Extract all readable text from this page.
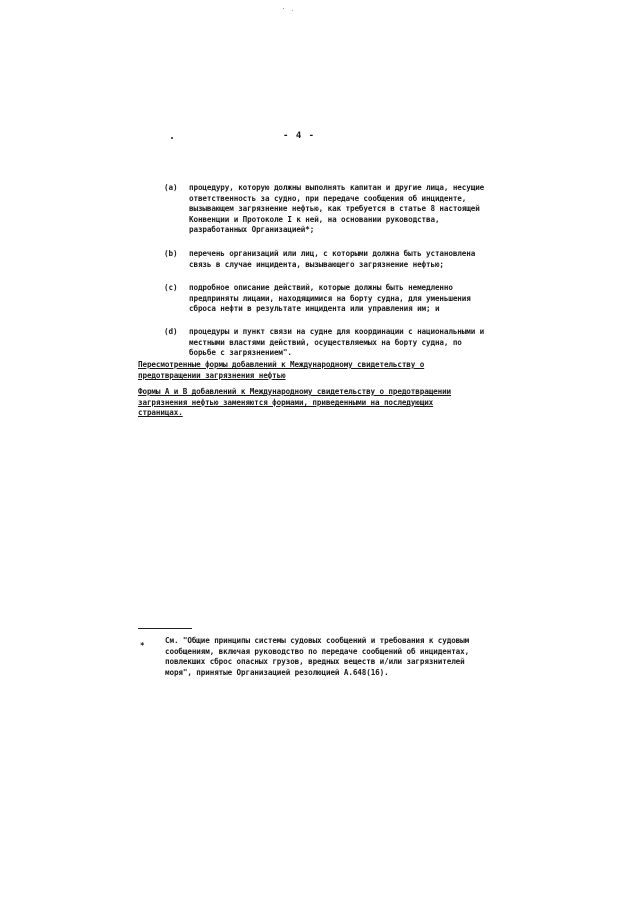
- 4 -
(a)	процедуру, которую должны выполнять капитан и другие лица, несущие ответственность за судно, при передаче сообщения об инциденте, вызывающем загрязнение нефтью, как требуется в статье 8 настоящей Конвенции и Протоколе I к ней, на основании руководства, разработанных Организацией*;
(b)	перечень организаций или лиц, с которыми должна быть установлена связь в случае инцидента, вызывающего загрязнение нефтью;
(c)	подробное описание действий, которые должны быть немедленно предприняты лицами, находящимися на борту судна, для уменьшения сброса нефти в результате инцидента или управления им; и
(d)	процедуры и пункт связи на судне для координации с национальными и местными властями действий, осуществляемых на борту судна, по борьбе с загрязнением".
Пересмотренные формы добавлений к Международному свидетельству о предотвращении загрязнения нефтью
Формы А и В добавлений к Международному свидетельству о предотвращении загрязнения нефтью заменяются формами, приведенными на последующих страницах.
*
См. "Общие принципы системы судовых сообщений и требования к судовым сообщениям, включая руководство по передаче сообщений об инцидентах, повлекших сброс опасных грузов, вредных веществ и/или загрязнителей моря", принятые Организацией резолюцией А.648(16).
